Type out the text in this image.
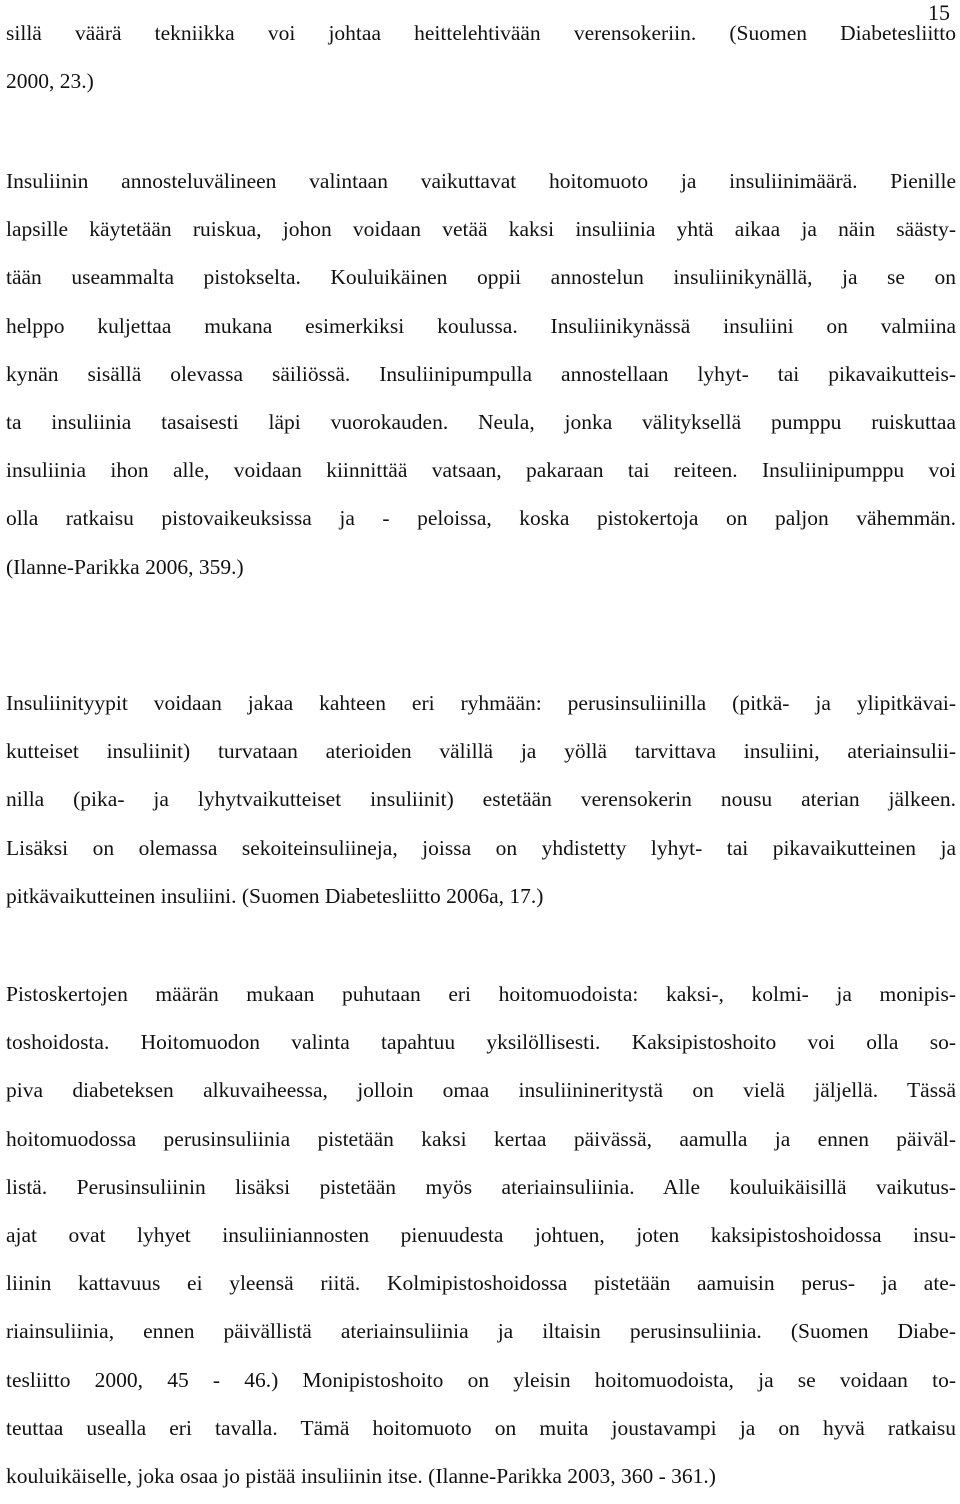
15
sillä väärä tekniikka voi johtaa heittelehtivään verensokeriin. (Suomen Diabetesliitto
2000, 23.)
Insuliinin annosteluvälineen valintaan vaikuttavat hoitomuoto ja insuliinimäärä. Pienille
lapsille käytetään ruiskua, johon voidaan vetää kaksi insuliinia yhtä aikaa ja näin säästy-
tään useammalta pistokselta. Kouluikäinen oppii annostelun insuliinikynällä, ja se on
helppo kuljettaa mukana esimerkiksi koulussa. Insuliinikynässä insuliini on valmiina
kynän sisällä olevassa säiliössä. Insuliinipumpulla annostellaan lyhyt- tai pikavaikutteis-
ta insuliinia tasaisesti läpi vuorokauden. Neula, jonka välityksellä pumppu ruiskuttaa
insuliinia ihon alle, voidaan kiinnittää vatsaan, pakaraan tai reiteen. Insuliinipumppu voi
olla ratkaisu pistovaikeuksissa ja - peloissa, koska pistokertoja on paljon vähemmän.
(Ilanne-Parikka 2006, 359.)
Insuliinityypit voidaan jakaa kahteen eri ryhmään: perusinsuliinilla (pitkä- ja ylipitkävai-
kutteiset insuliinit) turvataan aterioiden välillä ja yöllä tarvittava insuliini, ateriainsulii-
nilla (pika- ja lyhytvaikutteiset insuliinit) estetään verensokerin nousu aterian jälkeen.
Lisäksi on olemassa sekoiteinsuliineja, joissa on yhdistetty lyhyt- tai pikavaikutteinen ja
pitkävaikutteinen insuliini. (Suomen Diabetesliitto 2006a, 17.)
Pistoskertojen määrän mukaan puhutaan eri hoitomuodoista: kaksi-, kolmi- ja monipis-
toshoidosta. Hoitomuodon valinta tapahtuu yksilöllisesti. Kaksipistoshoito voi olla so-
piva diabeteksen alkuvaiheessa, jolloin omaa insuliinineritystä on vielä jäljellä. Tässä
hoitomuodossa perusinsuliinia pistetään kaksi kertaa päivässä, aamulla ja ennen päiväl-
listä. Perusinsuliinin lisäksi pistetään myös ateriainsuliinia. Alle kouluikäisillä vaikutus-
ajat ovat lyhyet insuliiniannosten pienuudesta johtuen, joten kaksipistoshoidossa insu-
liinin kattavuus ei yleensä riitä. Kolmipistoshoidossa pistetään aamuisin perus- ja ate-
riainsuliinia, ennen päivällistä ateriainsuliinia ja iltaisin perusinsuliinia. (Suomen Diabe-
tesliitto 2000, 45 - 46.) Monipistoshoito on yleisin hoitomuodoista, ja se voidaan to-
teuttaa usealla eri tavalla. Tämä hoitomuoto on muita joustavampi ja on hyvä ratkaisu
kouluikäiselle, joka osaa jo pistää insuliinin itse. (Ilanne-Parikka 2003, 360 - 361.)
